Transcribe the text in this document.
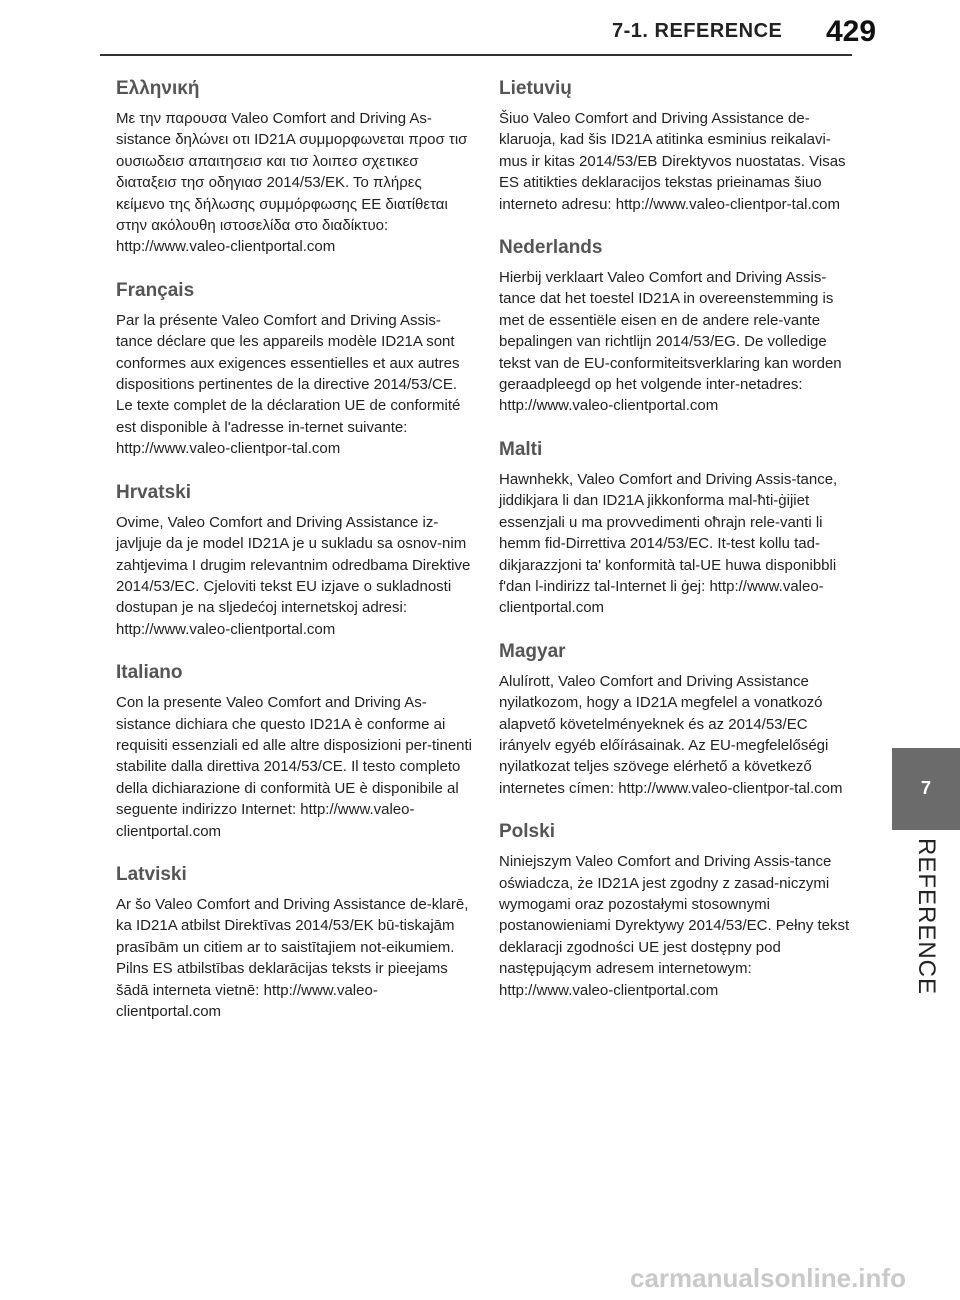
7-1. REFERENCE 429
Ελληνική

Με την παρουσα Valeo Comfort and Driving As-sistance δηλώνει οτι ID21A συμμορφωνεται προσ τισ ουσιωδεισ απαιτησεισ και τισ λοιπεσ σχετικεσ διαταξεισ τησ οδηγιασ 2014/53/ΕΚ. Το πλήρες κείμενο της δήλωσης συμμόρφωσης ΕΕ διατίθεται στην ακόλουθη ιστοσελίδα στο διαδίκτυο: http://www.valeo-clientportal.com

Français

Par la présente Valeo Comfort and Driving Assis-tance déclare que les appareils modèle ID21A sont conformes aux exigences essentielles et aux autres dispositions pertinentes de la directive 2014/53/CE. Le texte complet de la déclaration UE de conformité est disponible à l'adresse in-ternet suivante: http://www.valeo-clientpor-tal.com

Hrvatski

Ovime, Valeo Comfort and Driving Assistance iz-javljuje da je model ID21A je u sukladu sa osnov-nim zahtjevima I drugim relevantnim odredbama Direktive 2014/53/EC. Cjeloviti tekst EU izjave o sukladnosti dostupan je na sljedećoj internetskoj adresi: http://www.valeo-clientportal.com

Italiano

Con la presente Valeo Comfort and Driving As-sistance dichiara che questo ID21A è conforme ai requisiti essenziali ed alle altre disposizioni per-tinenti stabilite dalla direttiva 2014/53/CE. Il testo completo della dichiarazione di conformità UE è disponibile al seguente indirizzo Internet: http://www.valeo-clientportal.com

Latviski

Ar šo Valeo Comfort and Driving Assistance de-klarē, ka ID21A atbilst Direktīvas 2014/53/EK bū-tiskajām prasībām un citiem ar to saistītajiem not-eikumiem. Pilns ES atbilstības deklarācijas teksts ir pieejams šādā interneta vietnē: http://www.valeo-clientportal.com

Lietuvių

Šiuo Valeo Comfort and Driving Assistance de-klaruoja, kad šis ID21A atitinka esminius reikalavi-mus ir kitas 2014/53/EB Direktyvos nuostatas. Visas ES atitikties deklaracijos tekstas prieinamas šiuo interneto adresu: http://www.valeo-clientpor-tal.com

Nederlands

Hierbij verklaart Valeo Comfort and Driving Assis-tance dat het toestel ID21A in overeenstemming is met de essentiële eisen en de andere rele-vante bepalingen van richtlijn 2014/53/EG. De volledige tekst van de EU-conformiteitsverklaring kan worden geraadpleegd op het volgende inter-netadres: http://www.valeo-clientportal.com

Malti

Hawnhekk, Valeo Comfort and Driving Assis-tance, jiddikjara li dan ID21A jikkonforma mal-ħti-ġijiet essenzjali u ma provvedimenti oħrajn rele-vanti li hemm fid-Dirrettiva 2014/53/EC. It-test kollu tad-dikjarazzjoni ta' konformità tal-UE huwa disponibbli f'dan l-indirizz tal-Internet li ġej: http://www.valeo-clientportal.com

Magyar

Alulírott, Valeo Comfort and Driving Assistance nyilatkozom, hogy a ID21A megfelel a vonatkozó alapvető követelményeknek és az 2014/53/EC irányelv egyéb előírásainak. Az EU-megfelelőségi nyilatkozat teljes szövege elérhető a következő internetes címen: http://www.valeo-clientpor-tal.com

Polski

Niniejszym Valeo Comfort and Driving Assis-tance oświadcza, że ID21A jest zgodny z zasad-niczymi wymogami oraz pozostałymi stosownymi postanowieniami Dyrektywy 2014/53/EC. Pełny tekst deklaracji zgodności UE jest dostępny pod następującym adresem internetowym: http://www.valeo-clientportal.com

7
REFERENCE
carmanualsonline.info
